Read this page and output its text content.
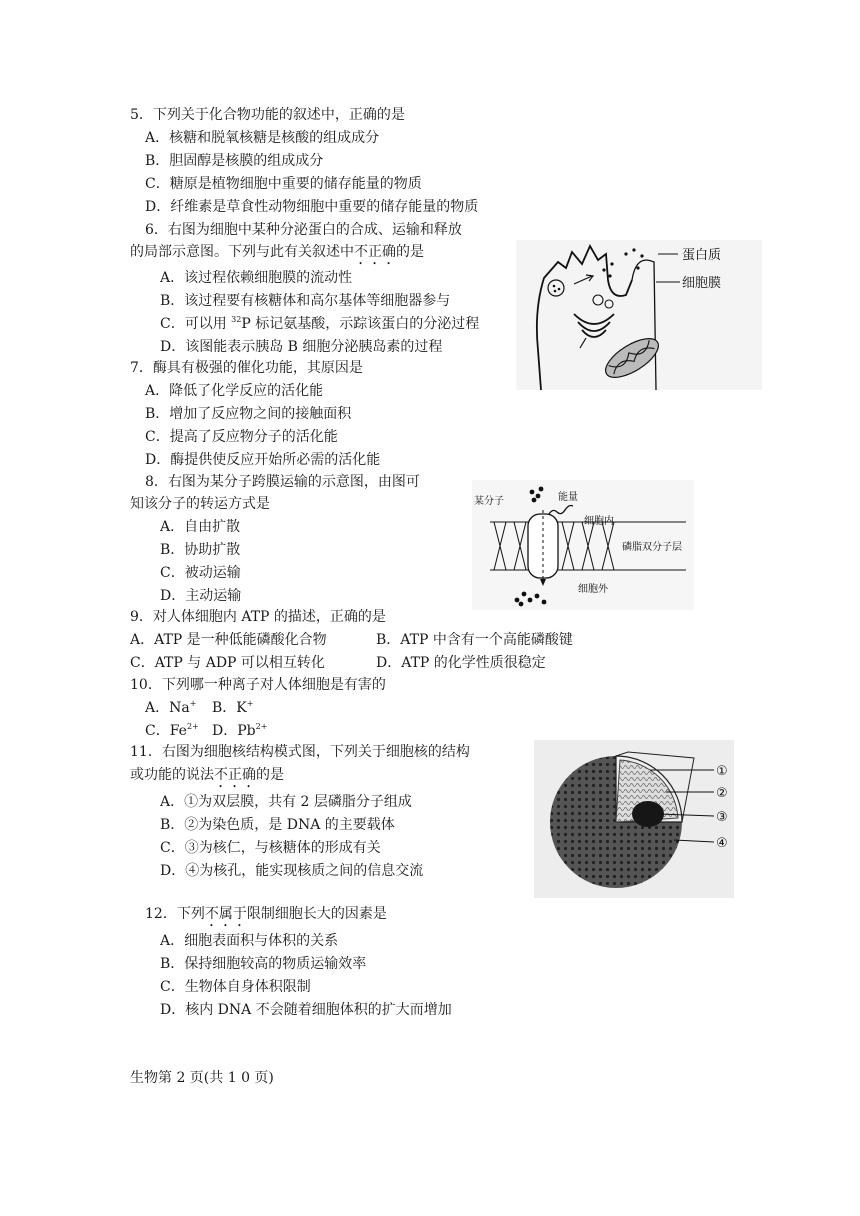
5．下列关于化合物功能的叙述中，正确的是
A．核糖和脱氧核糖是核酸的组成成分
B．胆固醇是核膜的组成成分
C．糖原是植物细胞中重要的储存能量的物质
D．纤维素是草食性动物细胞中重要的储存能量的物质
6．右图为细胞中某种分泌蛋白的合成、运输和释放
的局部示意图。下列与此有关叙述中不正确的是
A．该过程依赖细胞膜的流动性
B．该过程要有核糖体和高尔基体等细胞器参与
C．可以用 $^{32}$P 标记氨基酸，示踪该蛋白的分泌过程
D．该图能表示胰岛 B 细胞分泌胰岛素的过程
蛋白质
细胞膜
7．酶具有极强的催化功能，其原因是
A．降低了化学反应的活化能
B．增加了反应物之间的接触面积
C．提高了反应物分子的活化能
D．酶提供使反应开始所必需的活化能
8．右图为某分子跨膜运输的示意图，由图可
知该分子的转运方式是
A．自由扩散
B．协助扩散
C．被动运输
D．主动运输
某分子	能量
细胞内
磷脂双分子层
细胞外
9．对人体细胞内 ATP 的描述，正确的是
A．ATP 是一种低能磷酸化合物	B．ATP 中含有一个高能磷酸键
C．ATP 与 ADP 可以相互转化	D．ATP 的化学性质很稳定
10．下列哪一种离子对人体细胞是有害的
A．Na+ B．K+
C．$Fe^{2+}$ D．$Pb^{2+}$
11．右图为细胞核结构模式图，下列关于细胞核的结构
或功能的说法不正确的是
A．①为双层膜，共有 2 层磷脂分子组成
B．②为染色质，是 DNA 的主要载体
C．③为核仁，与核糖体的形成有关
D．④为核孔，能实现核质之间的信息交流
①
②
③
④
12．下列不属于限制细胞长大的因素是
A．细胞表面积与体积的关系
B．保持细胞较高的物质运输效率
C．生物体自身体积限制
D．核内 DNA 不会随着细胞体积的扩大而增加
生物第 2 页(共 1 0 页)
